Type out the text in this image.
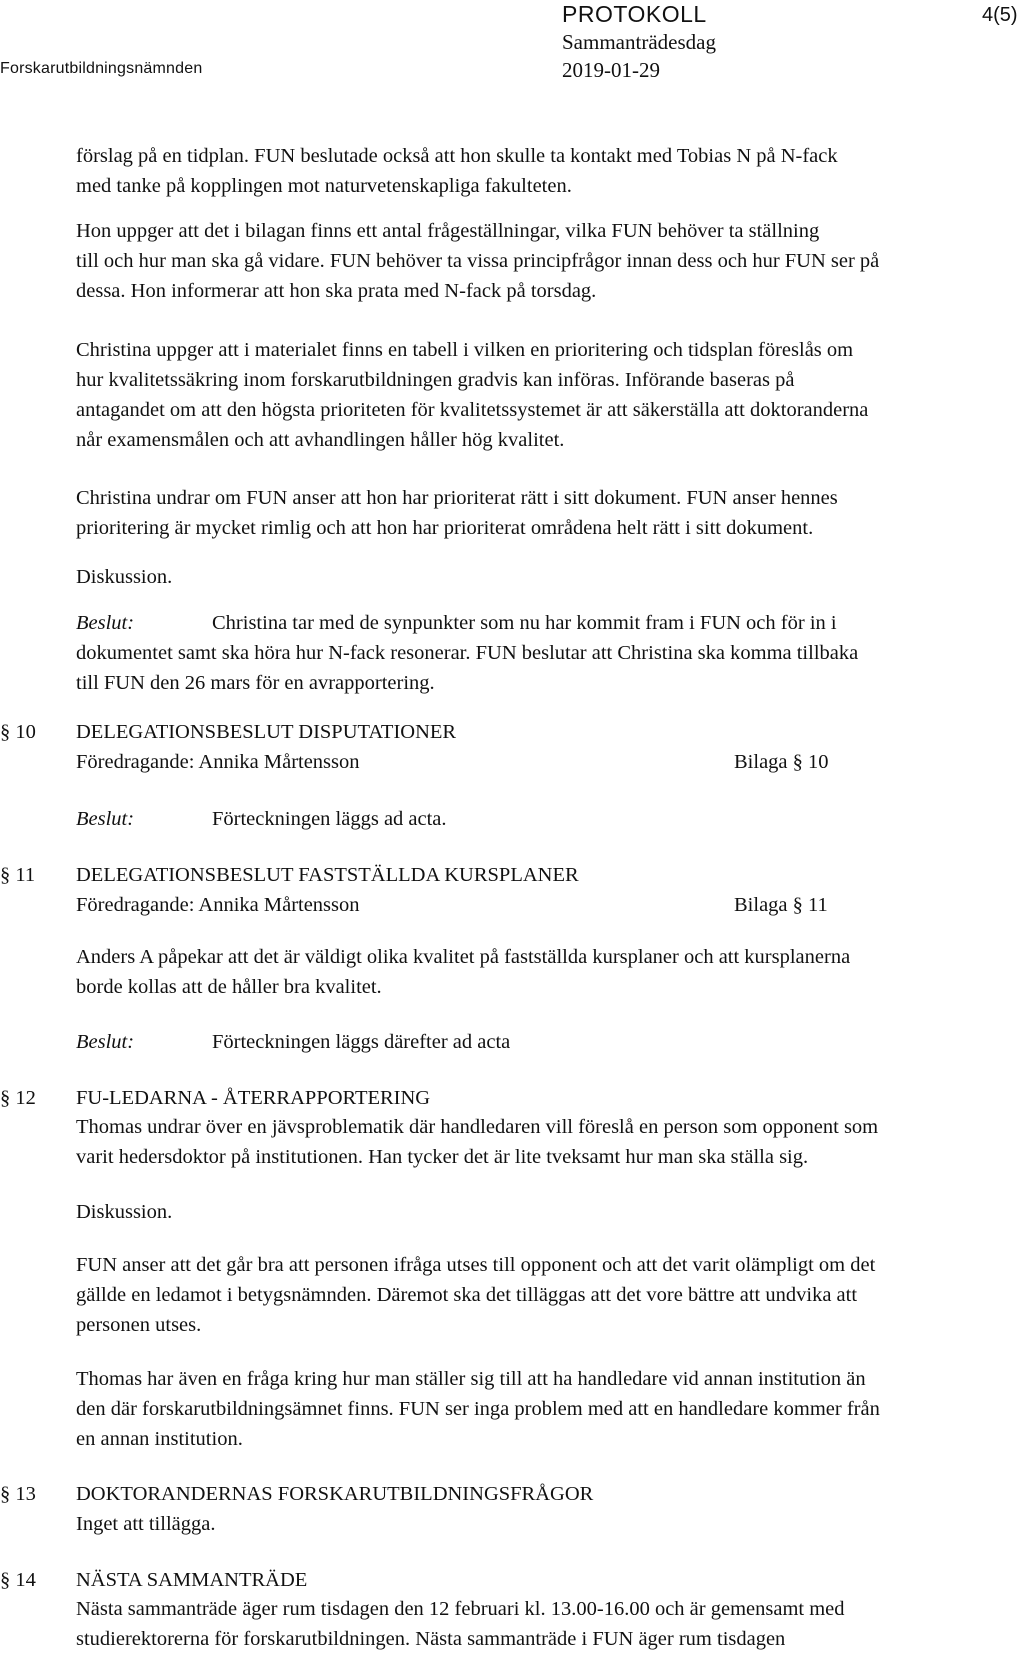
Forskarutbildningsnämnden
PROTOKOLL	4(5)
Sammanträdesdag
2019-01-29

förslag på en tidplan. FUN beslutade också att hon skulle ta kontakt med Tobias N på N-fack
med tanke på kopplingen mot naturvetenskapliga fakulteten.

Hon uppger att det i bilagan finns ett antal frågeställningar, vilka FUN behöver ta ställning
till och hur man ska gå vidare. FUN behöver ta vissa principfrågor innan dess och hur FUN ser på
dessa. Hon informerar att hon ska prata med N-fack på torsdag.

Christina uppger att i materialet finns en tabell i vilken en prioritering och tidsplan föreslås om
hur kvalitetssäkring inom forskarutbildningen gradvis kan införas. Införande baseras på
antagandet om att den högsta prioriteten för kvalitetssystemet är att säkerställa att doktoranderna
når examensmålen och att avhandlingen håller hög kvalitet.

Christina undrar om FUN anser att hon har prioriterat rätt i sitt dokument. FUN anser hennes
prioritering är mycket rimlig och att hon har prioriterat områdena helt rätt i sitt dokument.

Diskussion.

Beslut:	Christina tar med de synpunkter som nu har kommit fram i FUN och för in i

dokumentet samt ska höra hur N-fack resonerar. FUN beslutar att Christina ska komma tillbaka
till FUN den 26 mars för en avrapportering.

§ 10	DELEGATIONSBESLUT DISPUTATIONER
Föredragande: Annika Mårtensson	Bilaga § 10
Beslut:	Förteckningen läggs ad acta.
§ 11	DELEGATIONSBESLUT FASTSTÄLLDA KURSPLANER
Föredragande: Annika Mårtensson	Bilaga § 11

Anders A påpekar att det är väldigt olika kvalitet på fastställda kursplaner och att kursplanerna
borde kollas att de håller bra kvalitet.

Beslut:	Förteckningen läggs därefter ad acta
§ 12	FU-LEDARNA - ÅTERRAPPORTERING

Thomas undrar över en jävsproblematik där handledaren vill föreslå en person som opponent som
varit hedersdoktor på institutionen. Han tycker det är lite tveksamt hur man ska ställa sig.

Diskussion.

FUN anser att det går bra att personen ifråga utses till opponent och att det varit olämpligt om det
gällde en ledamot i betygsnämnden. Däremot ska det tilläggas att det vore bättre att undvika att
personen utses.

Thomas har även en fråga kring hur man ställer sig till att ha handledare vid annan institution än
den där forskarutbildningsämnet finns. FUN ser inga problem med att en handledare kommer från
en annan institution.

§ 13	DOKTORANDERNAS FORSKARUTBILDNINGSFRÅGOR

Inget att tillägga.

§ 14	NÄSTA SAMMANTRÄDE

Nästa sammanträde äger rum tisdagen den 12 februari kl. 13.00-16.00 och är gemensamt med
studierektorerna för forskarutbildningen. Nästa sammanträde i FUN äger rum tisdagen
